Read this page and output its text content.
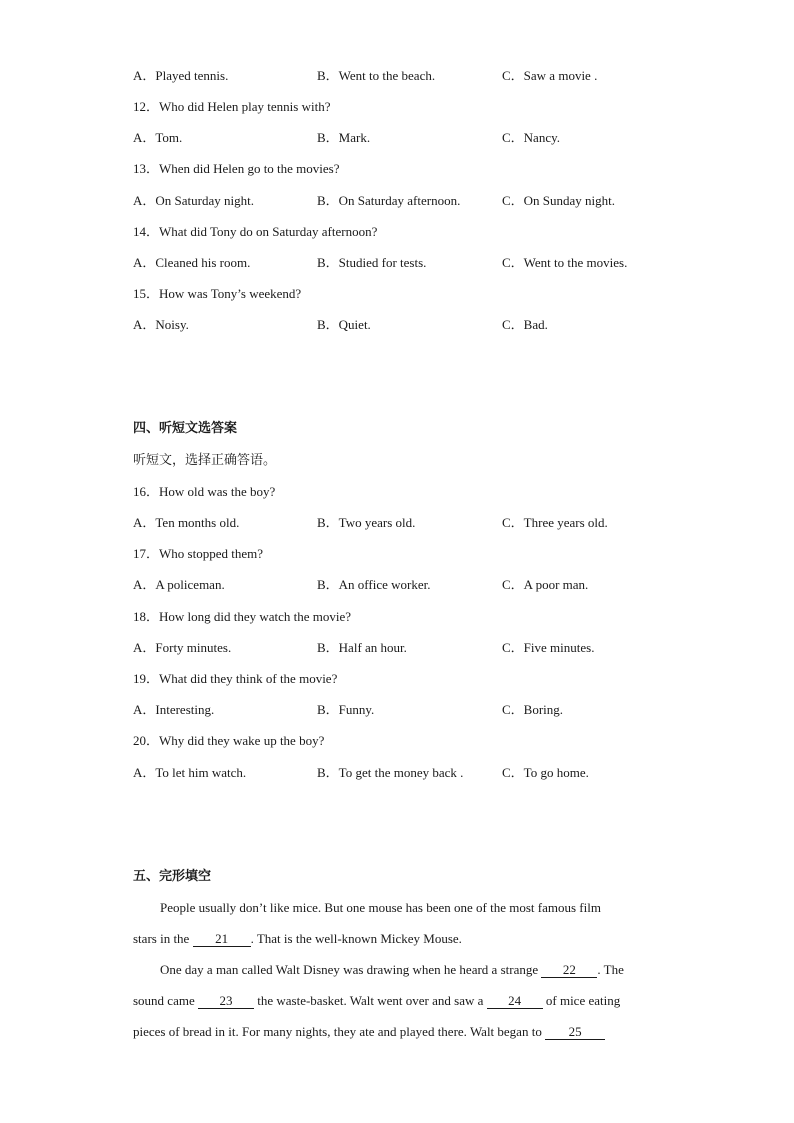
A．Played tennis.	B．Went to the beach.	C．Saw a movie .
12．Who did Helen play tennis with?
A．Tom.	B．Mark.	C．Nancy.
13．When did Helen go to the movies?
A．On Saturday night.	B．On Saturday afternoon.	C．On Sunday night.
14．What did Tony do on Saturday afternoon?
A．Cleaned his room.	B．Studied for tests.	C．Went to the movies.
15．How was Tony’s weekend?
A．Noisy.	B．Quiet.	C．Bad.
四、听短文选答案
听短文，选择正确答语。
16．How old was the boy?
A．Ten months old.	B．Two years old.	C．Three years old.
17．Who stopped them?
A．A policeman.	B．An office worker.	C．A poor man.
18．How long did they watch the movie?
A．Forty minutes.	B．Half an hour.	C．Five minutes.
19．What did they think of the movie?
A．Interesting.	B．Funny.	C．Boring.
20．Why did they wake up the boy?
A．To let him watch.	B．To get the money back .	C．To go home.
五、完形填空
People usually don’t like mice. But one mouse has been one of the most famous film
stars in the 21 . That is the well-known Mickey Mouse.
One day a man called Walt Disney was drawing when he heard a strange 22 . The
sound came 23 the waste-basket. Walt went over and saw a 24 of mice eating
pieces of bread in it. For many nights, they ate and played there. Walt began to 25
